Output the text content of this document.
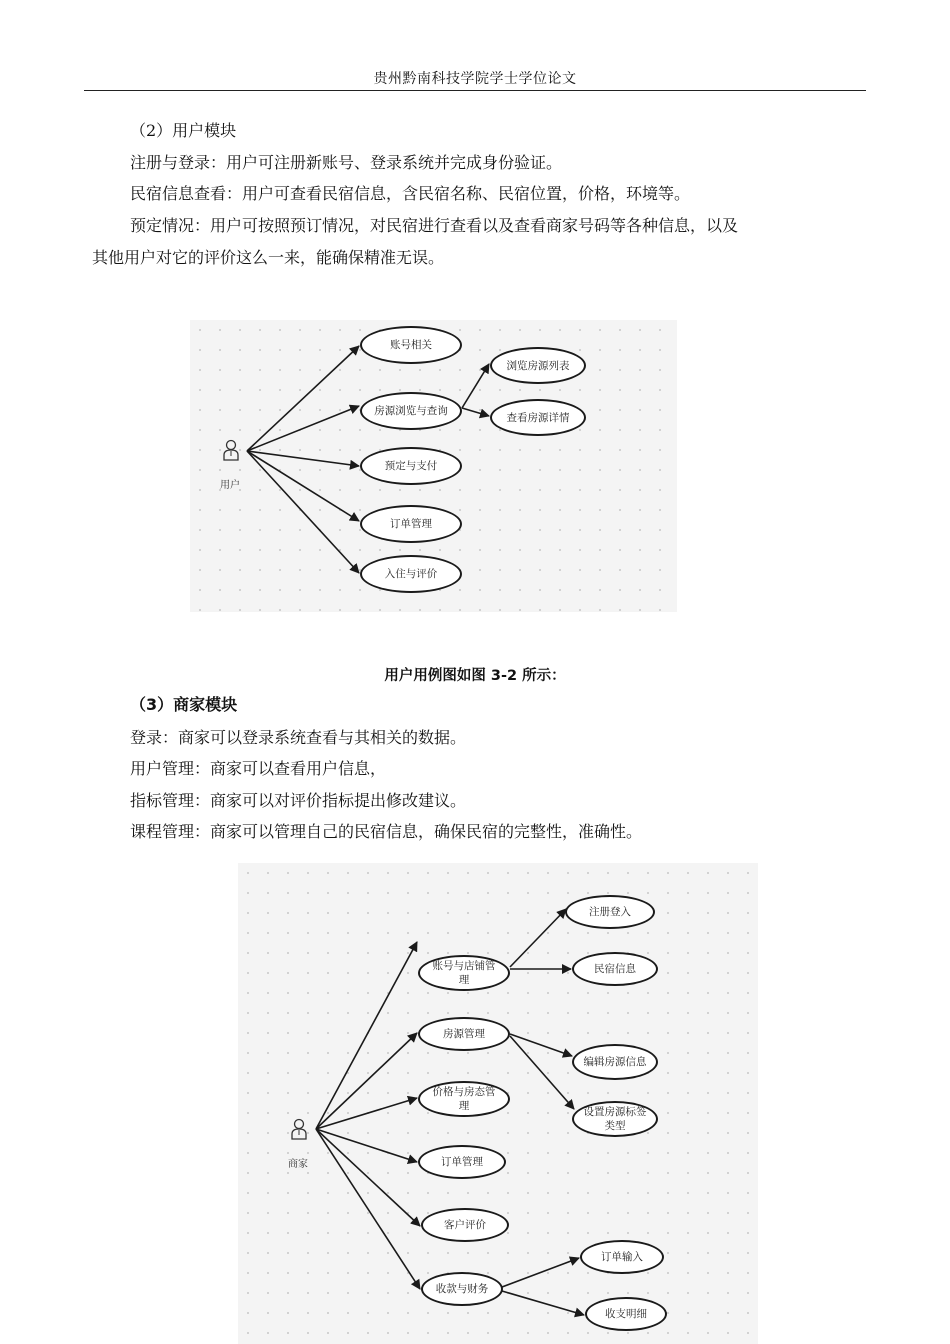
贵州黔南科技学院学士学位论文
（2）用户模块
注册与登录：用户可注册新账号、登录系统并完成身份验证。
民宿信息查看：用户可查看民宿信息，含民宿名称、民宿位置，价格，环境等。
预定情况：用户可按照预订情况，对民宿进行查看以及查看商家号码等各种信息，以及
其他用户对它的评价这么一来，能确保精准无误。
用户
账号相关
房源浏览与查询
浏览房源列表
查看房源详情
预定与支付
订单管理
入住与评价
用户用例图如图 3-2 所示：
（3）商家模块
登录：商家可以登录系统查看与其相关的数据。
用户管理：商家可以查看用户信息，
指标管理：商家可以对评价指标提出修改建议。
课程管理：商家可以管理自己的民宿信息，确保民宿的完整性，准确性。
商家
账号与店铺管理
注册登入
民宿信息
房源管理
编辑房源信息
设置房源标签类型
价格与房态管理
订单管理
客户评价
收款与财务
订单输入
收支明细
